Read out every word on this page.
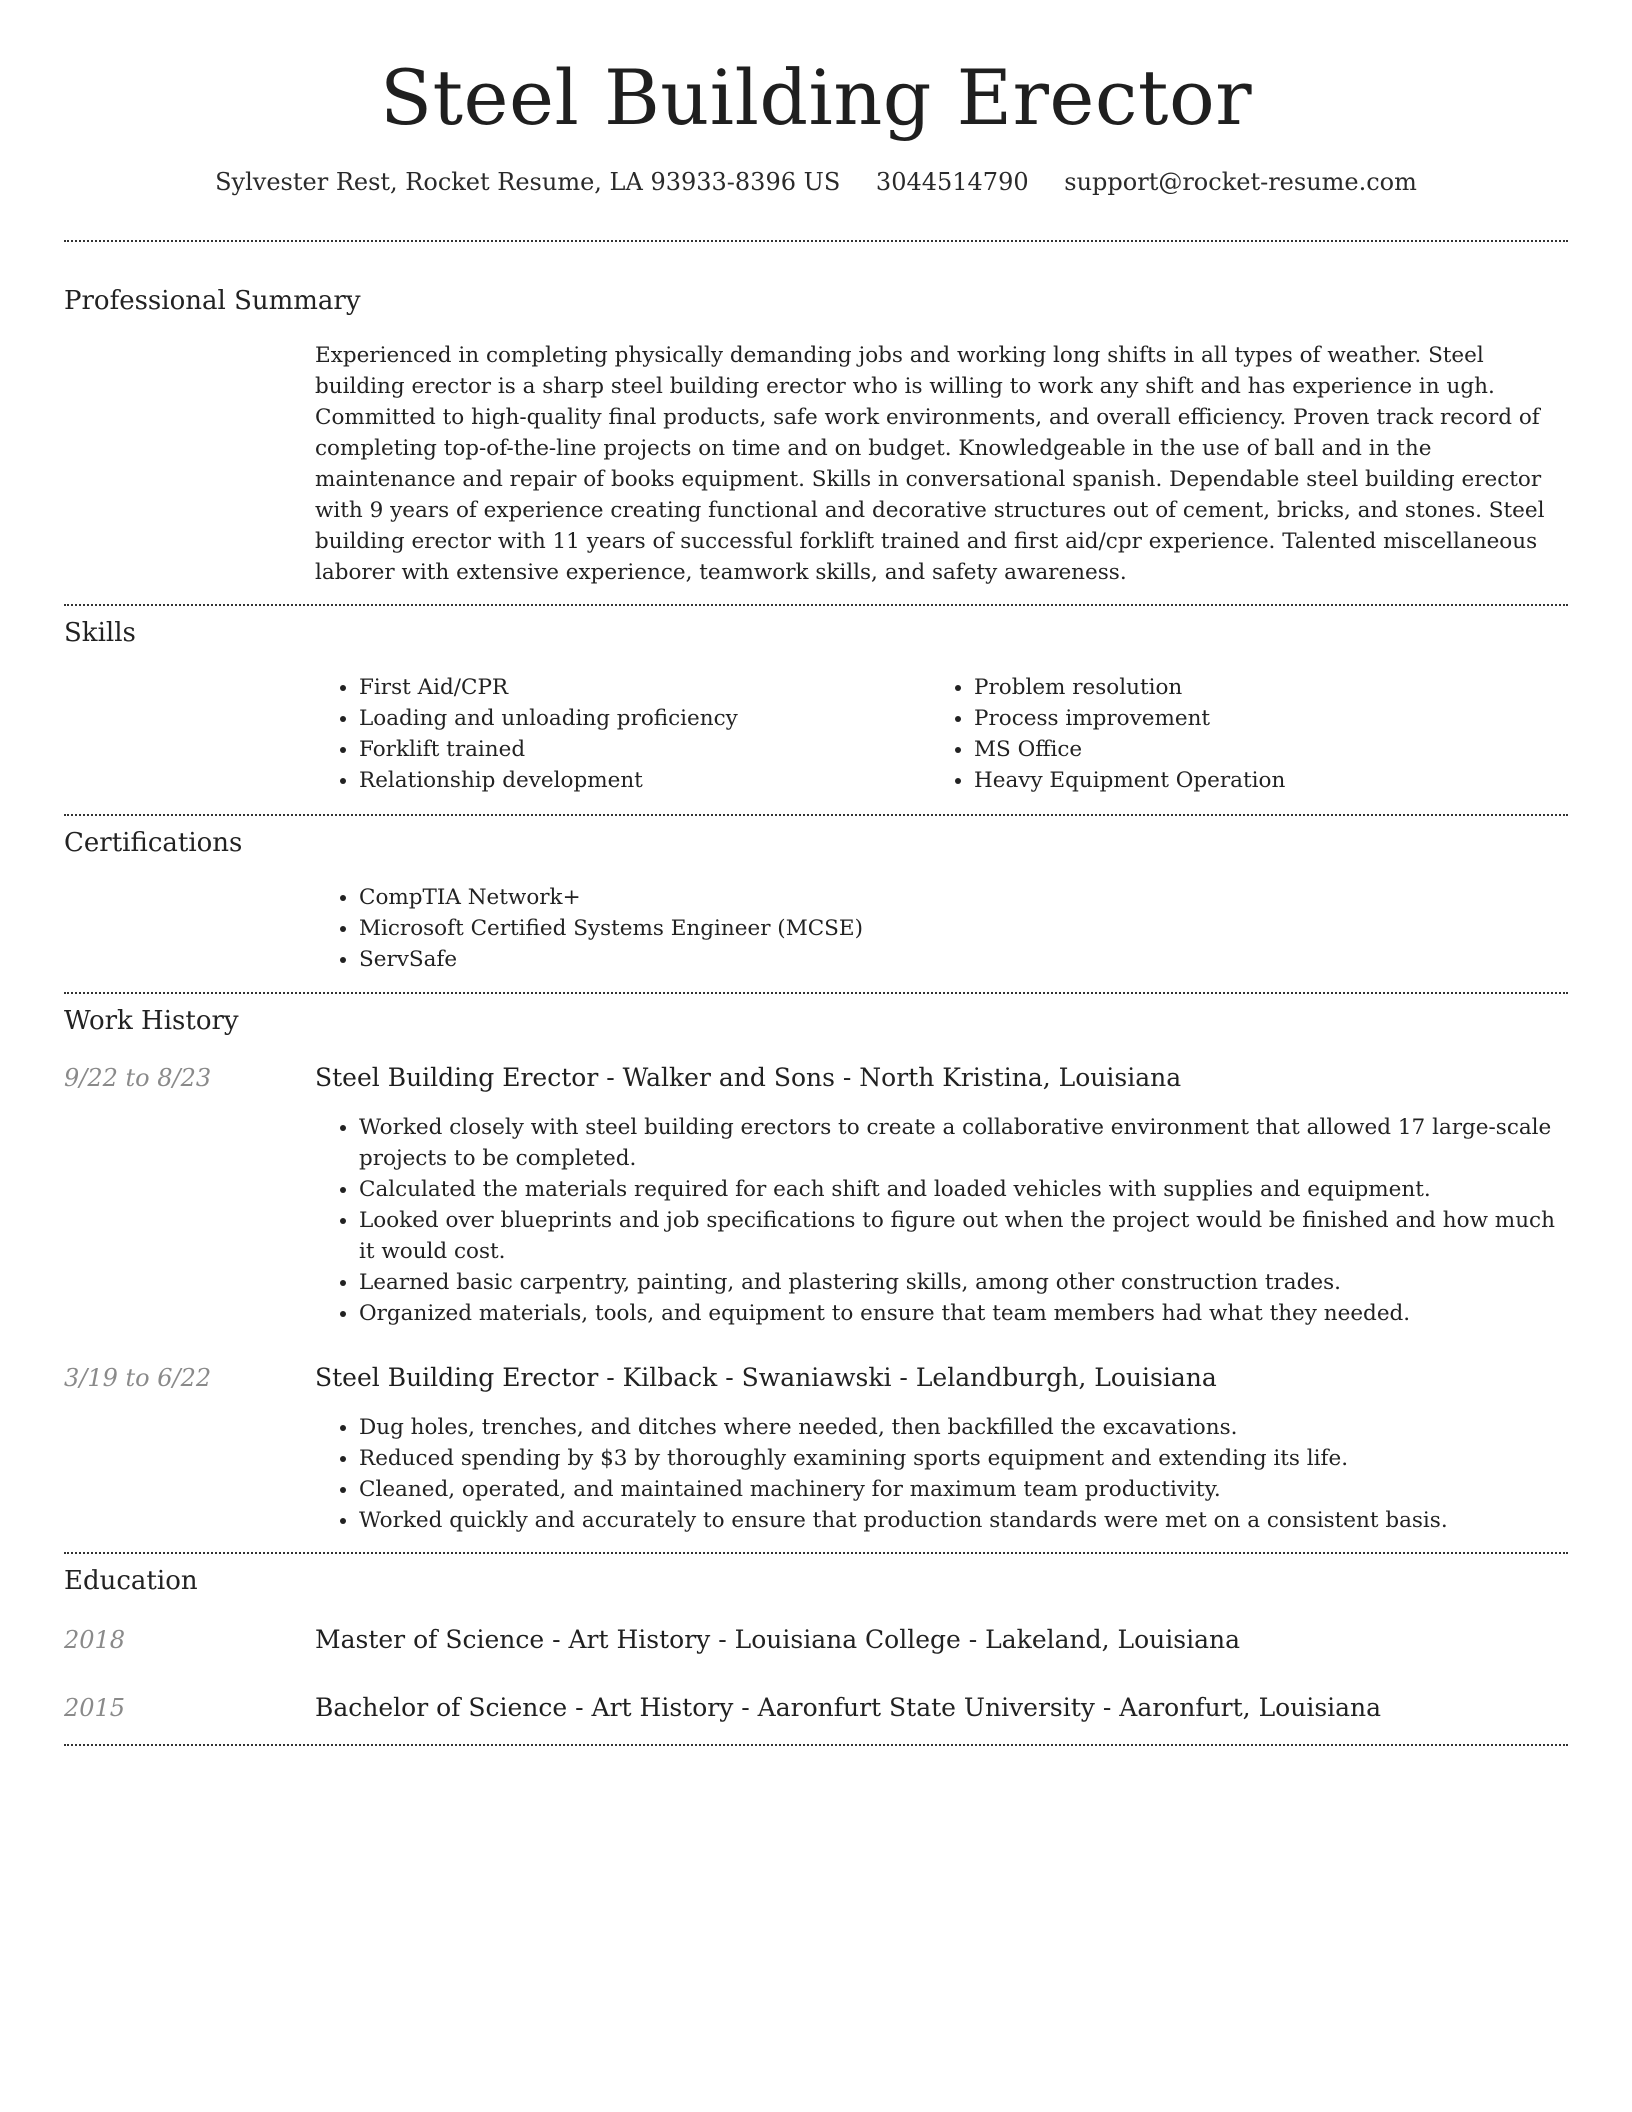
Steel Building Erector
Sylvester Rest, Rocket Resume, LA 93933-8396 US 3044514790 support@rocket-resume.com
Professional Summary

Experienced in completing physically demanding jobs and working long shifts in all types of weather. Steel building erector is a sharp steel building erector who is willing to work any shift and has experience in ugh. Committed to high-quality final products, safe work environments, and overall efficiency. Proven track record of completing top-of-the-line projects on time and on budget. Knowledgeable in the use of ball and in the maintenance and repair of books equipment. Skills in conversational spanish. Dependable steel building erector with 9 years of experience creating functional and decorative structures out of cement, bricks, and stones. Steel building erector with 11 years of successful forklift trained and first aid/cpr experience. Talented miscellaneous laborer with extensive experience, teamwork skills, and safety awareness.

Skills
• First Aid/CPR
• Loading and unloading proficiency
• Forklift trained
• Relationship development
• Problem resolution
• Process improvement
• MS Office
• Heavy Equipment Operation
Certifications
• CompTIA Network+
• Microsoft Certified Systems Engineer (MCSE)
• ServSafe
Work History
9/22 to 8/23	Steel Building Erector - Walker and Sons - North Kristina, Louisiana
• Worked closely with steel building erectors to create a collaborative environment that allowed 17 large-scale projects to be completed.
• Calculated the materials required for each shift and loaded vehicles with supplies and equipment.
• Looked over blueprints and job specifications to figure out when the project would be finished and how much it would cost.
• Learned basic carpentry, painting, and plastering skills, among other construction trades.
• Organized materials, tools, and equipment to ensure that team members had what they needed.
3/19 to 6/22	Steel Building Erector - Kilback - Swaniawski - Lelandburgh, Louisiana
• Dug holes, trenches, and ditches where needed, then backfilled the excavations.
• Reduced spending by $3 by thoroughly examining sports equipment and extending its life.
• Cleaned, operated, and maintained machinery for maximum team productivity.
• Worked quickly and accurately to ensure that production standards were met on a consistent basis.
Education
2018	Master of Science - Art History - Louisiana College - Lakeland, Louisiana
2015	Bachelor of Science - Art History - Aaronfurt State University - Aaronfurt, Louisiana
